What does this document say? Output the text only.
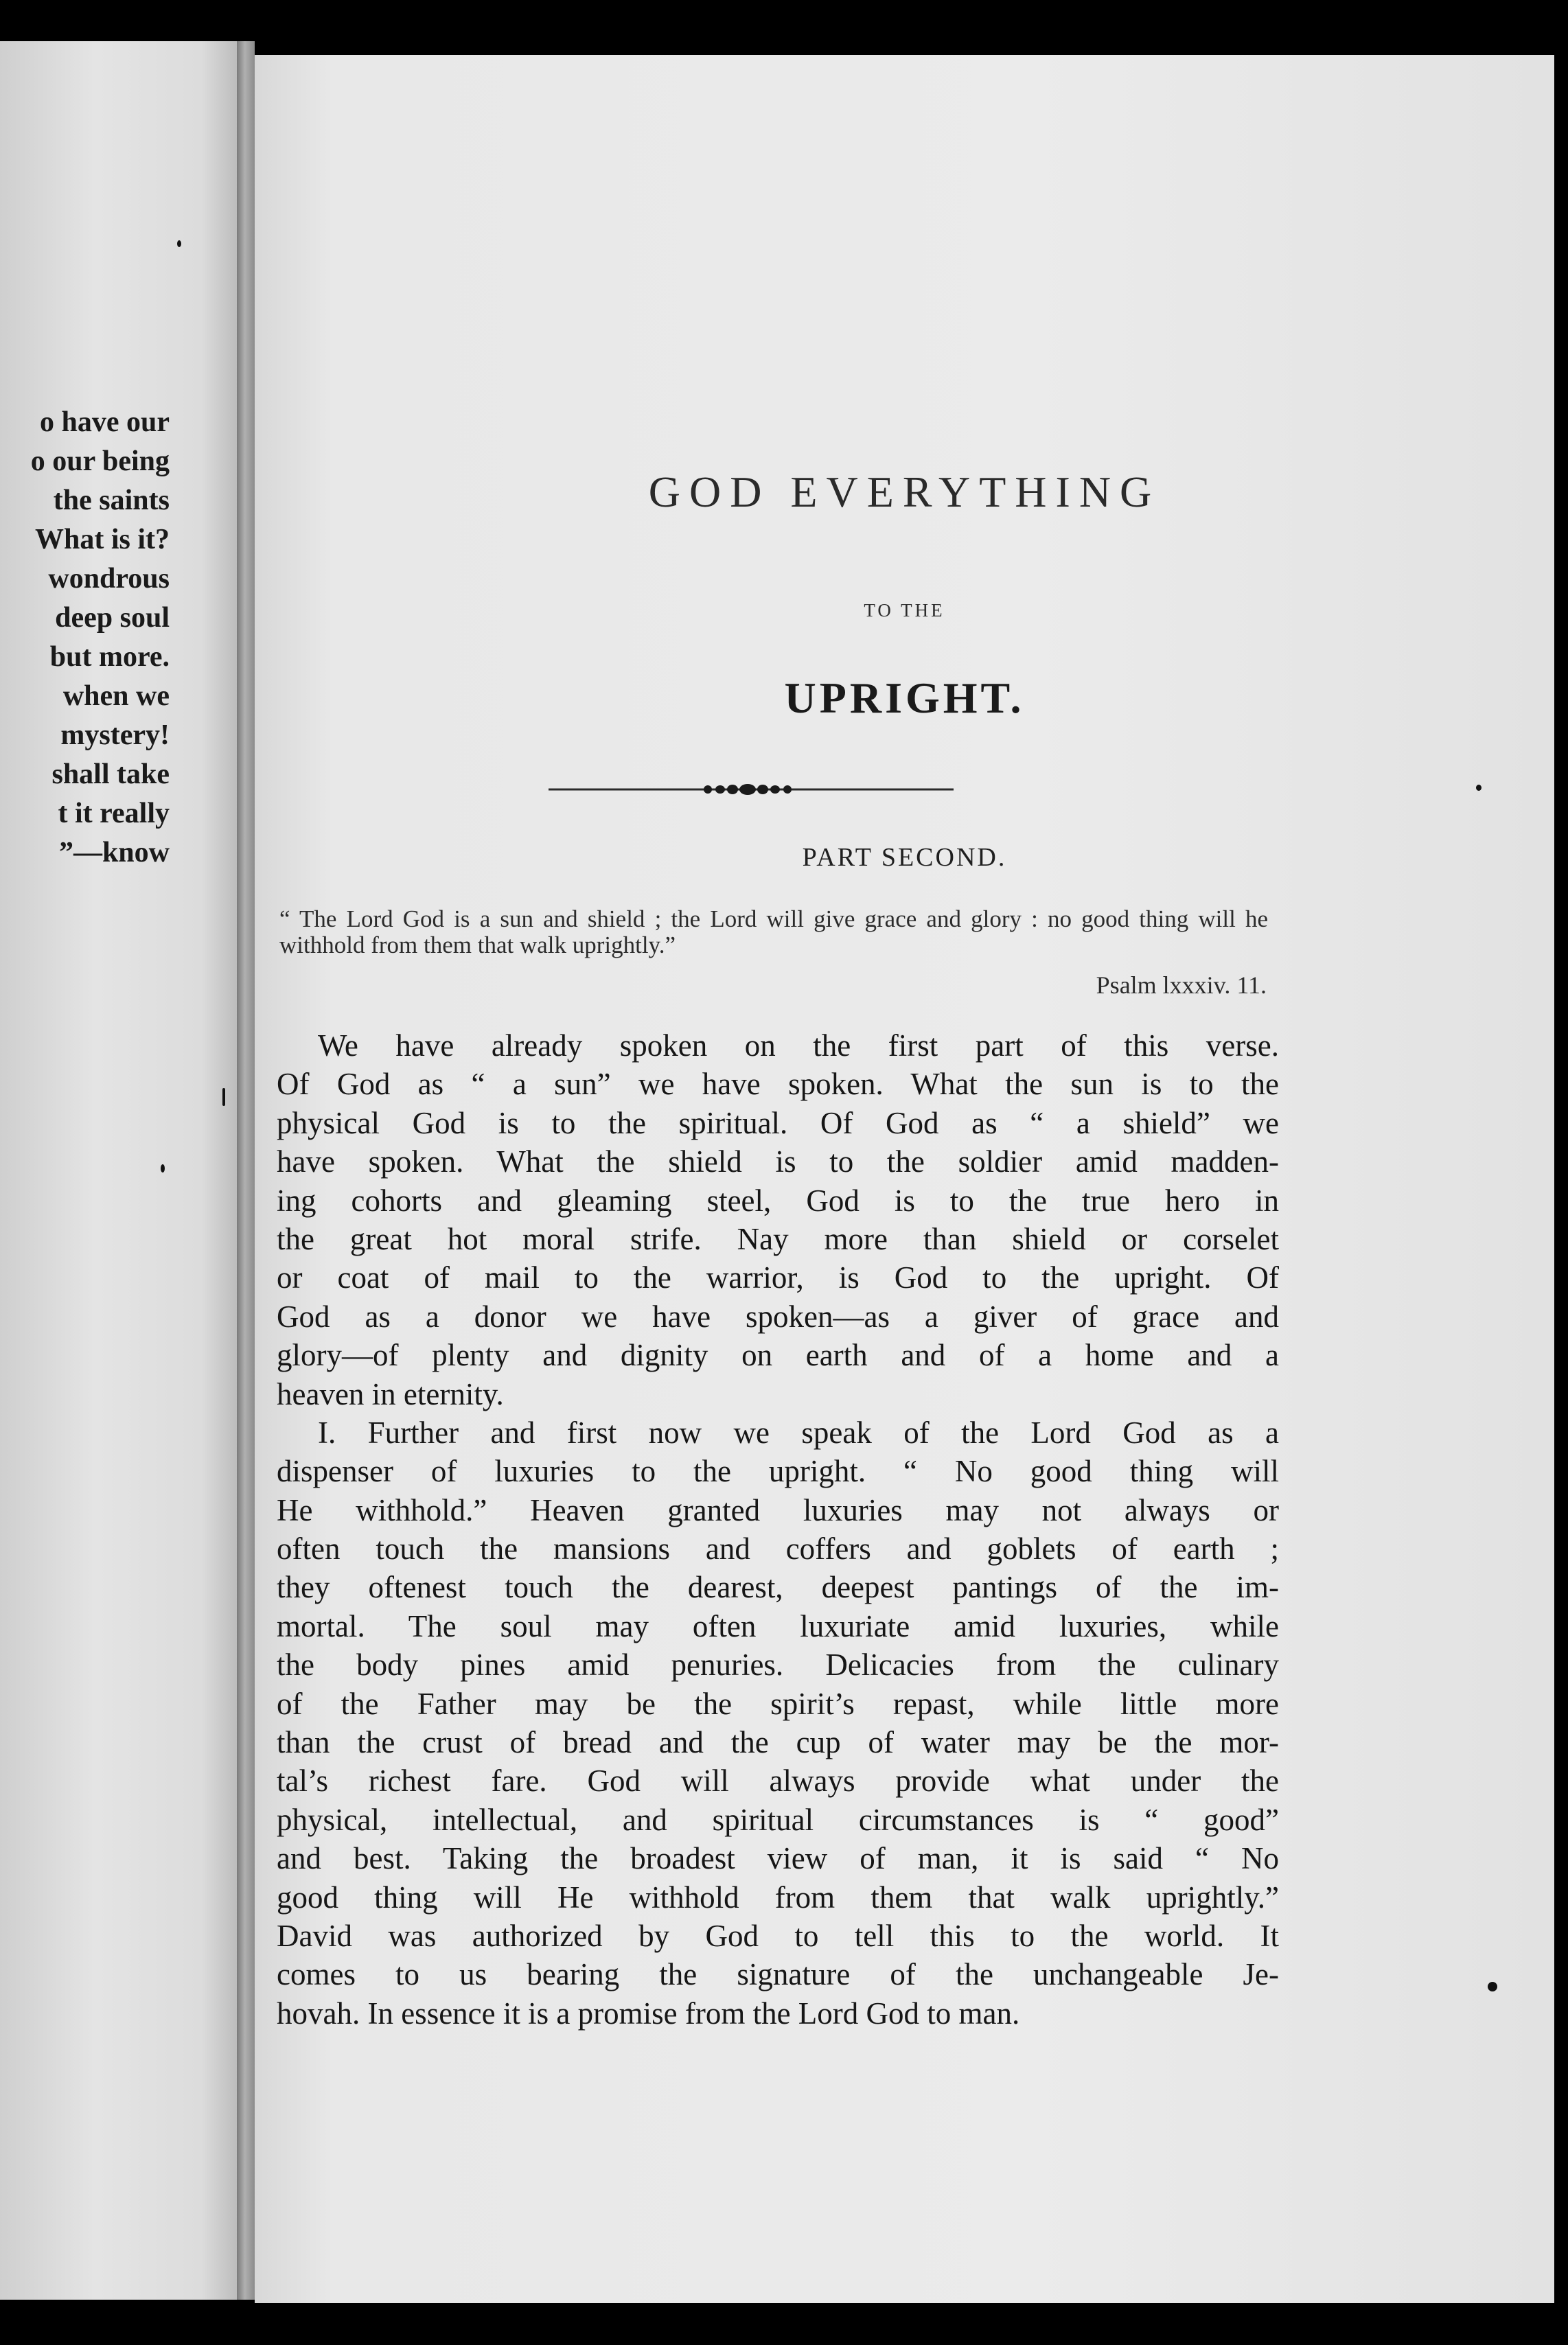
o have our
o our being
the saints
What is it?
wondrous
deep soul
but more.
when we
mystery!
shall take
t it really
”—know
GOD EVERYTHING
TO THE
UPRIGHT.
PART SECOND.
“ The Lord God is a sun and shield ; the Lord will give grace and glory : no good thing will he withhold from them that walk uprightly.”
Psalm lxxxiv. 11.
We have already spoken on the first part of this verse.
Of God as “ a sun” we have spoken. What the sun is to the
physical God is to the spiritual. Of God as “ a shield” we
have spoken. What the shield is to the soldier amid madden-
ing cohorts and gleaming steel, God is to the true hero in
the great hot moral strife. Nay more than shield or corselet
or coat of mail to the warrior, is God to the upright. Of
God as a donor we have spoken—as a giver of grace and
glory—of plenty and dignity on earth and of a home and a
heaven in eternity.
I. Further and first now we speak of the Lord God as a
dispenser of luxuries to the upright. “ No good thing will
He withhold.” Heaven granted luxuries may not always or
often touch the mansions and coffers and goblets of earth ;
they oftenest touch the dearest, deepest pantings of the im-
mortal. The soul may often luxuriate amid luxuries, while
the body pines amid penuries. Delicacies from the culinary
of the Father may be the spirit’s repast, while little more
than the crust of bread and the cup of water may be the mor-
tal’s richest fare. God will always provide what under the
physical, intellectual, and spiritual circumstances is “ good”
and best. Taking the broadest view of man, it is said “ No
good thing will He withhold from them that walk uprightly.”
David was authorized by God to tell this to the world. It
comes to us bearing the signature of the unchangeable Je-
hovah. In essence it is a promise from the Lord God to man.
